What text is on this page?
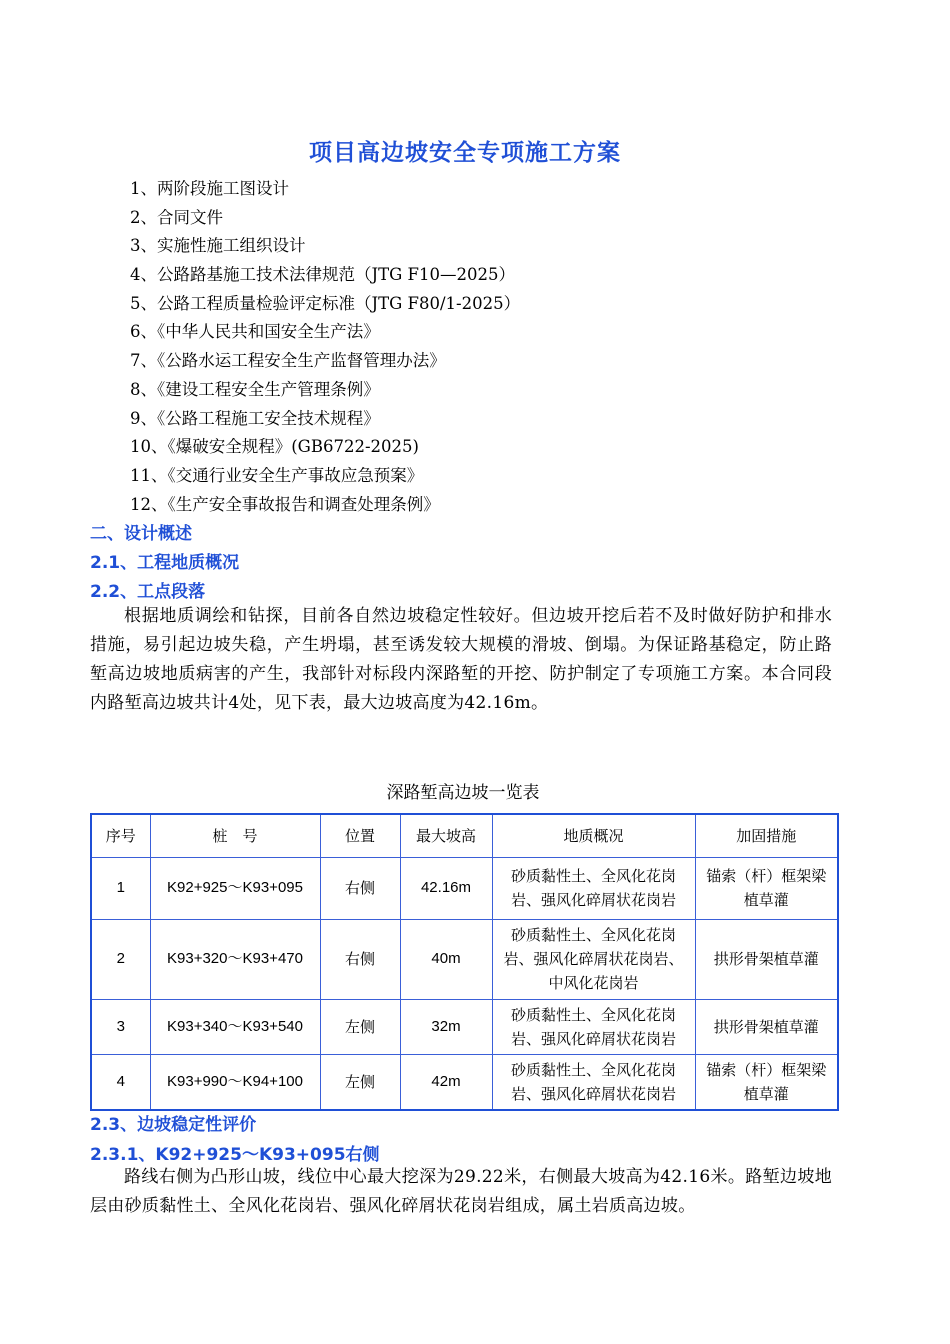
项目高边坡安全专项施工方案
1、两阶段施工图设计
2、合同文件
3、实施性施工组织设计
4、公路路基施工技术法律规范（JTG F10—2025）
5、公路工程质量检验评定标准（JTG F80/1-2025）
6、《中华人民共和国安全生产法》
7、《公路水运工程安全生产监督管理办法》
8、《建设工程安全生产管理条例》
9、《公路工程施工安全技术规程》
10、《爆破安全规程》(GB6722-2025)
11、《交通行业安全生产事故应急预案》
12、《生产安全事故报告和调查处理条例》
二、设计概述
2.1、工程地质概况
2.2、工点段落
根据地质调绘和钻探，目前各自然边坡稳定性较好。但边坡开挖后若不及时做好防护和排水措施，易引起边坡失稳，产生坍塌，甚至诱发较大规模的滑坡、倒塌。为保证路基稳定，防止路堑高边坡地质病害的产生，我部针对标段内深路堑的开挖、防护制定了专项施工方案。本合同段内路堑高边坡共计4处，见下表，最大边坡高度为42.16m。
深路堑高边坡一览表
序号	桩　号	位置	最大坡高	地质概况	加固措施
1	K92+925～K93+095	右侧	42.16m	砂质黏性土、全风化花岗岩、强风化碎屑状花岗岩	锚索（杆）框架梁植草灌
2	K93+320～K93+470	右侧	40m	砂质黏性土、全风化花岗岩、强风化碎屑状花岗岩、中风化花岗岩	拱形骨架植草灌
3	K93+340～K93+540	左侧	32m	砂质黏性土、全风化花岗岩、强风化碎屑状花岗岩	拱形骨架植草灌
4	K93+990～K94+100	左侧	42m	砂质黏性土、全风化花岗岩、强风化碎屑状花岗岩	锚索（杆）框架梁植草灌
2.3、边坡稳定性评价
2.3.1、K92+925～K93+095右侧
路线右侧为凸形山坡，线位中心最大挖深为29.22米，右侧最大坡高为42.16米。路堑边坡地层由砂质黏性土、全风化花岗岩、强风化碎屑状花岗岩组成，属土岩质高边坡。
